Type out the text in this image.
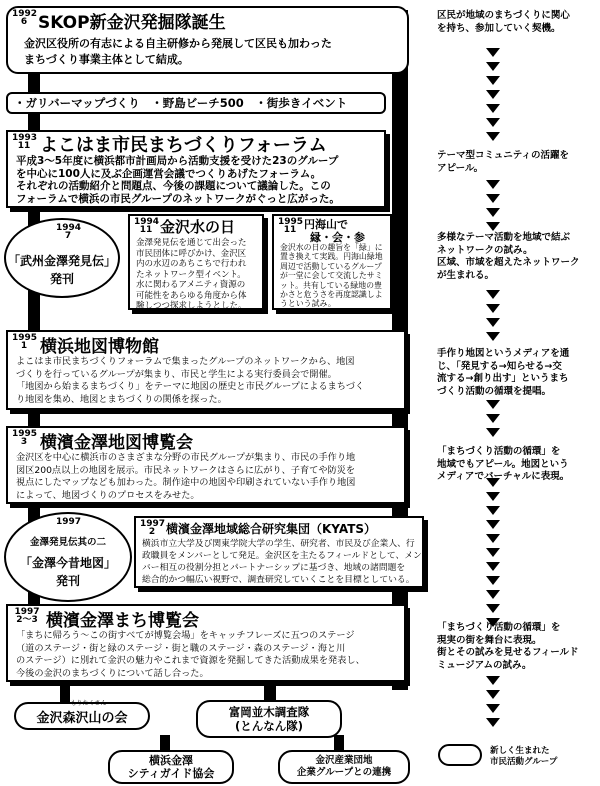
1992
6 SKOP新金沢発掘隊誕生
金沢区役所の有志による自主研修から発展して区民も加わった
まちづくり事業主体として結成。
・ガリバーマップづくり　・野島ビーチ500　・街歩きイベント
1993
11 よこはま市民まちづくりフォーラム
平成3～5年度に横浜都市計画局から活動支援を受けた23のグループ
を中心に100人に及ぶ企画運営会議でつくりあげたフォーラム。
それぞれの活動紹介と問題点、今後の課題について議論した。この
フォーラムで横浜の市民グループのネットワークがぐっと広がった。
1994
7
「武州金澤発見伝」
発刊
1994
11 金沢水の日
金澤発見伝を通じて出会った
市民団体に呼びかけ、金沢区
内の水辺のあちこちで行われ
たネットワーク型イベント。
水に関わるアメニティ資源の
可能性をあらゆる角度から体
験しつつ探求しようとした。
1995
11 円海山で
縁・会・参
金沢水の日の趣旨を「緑」に
置き換えて実践。円海山緑地
周辺で活動しているグループ
が一堂に会して交流したサミ
ット。共有している緑地の豊
かさと危うさを再度認識しよ
うという試み。
1995
1 横浜地図博物館
よこはま市民まちづくりフォーラムで集まったグループのネットワークから、地図
づくりを行っているグループが集まり、市民と学生による実行委員会で開催。
「地図から始まるまちづくり」をテーマに地図の歴史と市民グループによるまちづく
り地図を集め、地図とまちづくりの関係を探った。
1995
3 横濱金澤地図博覧会
金沢区を中心に横浜市のさまざまな分野の市民グループが集まり、市民の手作り地
図区200点以上の地図を展示。市民ネットワークはさらに広がり、子育てや防災を
視点にしたマップなども加わった。制作途中の地図や印刷されていない手作り地図
によって、地図づくりのプロセスをみせた。
1997
金澤発見伝其の二
「金澤今昔地図」
発刊
1997
2 横濱金澤地域総合研究集団（KYATS）
横浜市立大学及び関東学院大学の学生、研究者、市民及び企業人、行
政職員をメンバーとして発足。金沢区を主たるフィールドとして、メン
バー相互の役割分担とパートナーシップに基づき、地域の諸問題を
総合的かつ幅広い視野で、調査研究していくことを目標としている。
1997
2～3 横濱金澤まち博覧会
「まちに帰ろう～この街すべてが博覧会場」をキャッチフレーズに五つのステージ
（道のステージ・街と緑のステージ・街と職のステージ・森のステージ・海と川
のステージ）に別れて金沢の魅力やこれまで資源を発掘してきた活動成果を発表し、
今後の金沢のまちづくりについて話し合った。
もりたくさん
金沢森沢山の会	富岡並木調査隊
(とんなん隊)
横浜金澤
シティガイド協会
金沢産業団地
企業グループとの連携
新しく生まれた
市民活動グループ
区民が地域のまちづくりに関心
を持ち、参加していく契機。
テーマ型コミュニティの活躍を
アピール。
多様なテーマ活動を地域で結ぶ
ネットワークの試み。
区域、市域を超えたネットワーク
が生まれる。
手作り地図というメディアを通
じ、「発見する→知らせる→交
流する→創り出す」というまち
づくり活動の循環を提唱。
「まちづくり活動の循環」を
地域でもアピール。地図という
メディアでバーチャルに表現。
「まちづくり活動の循環」を
現実の街を舞台に表現。
街とその試みを見せるフィールド
ミュージアムの試み。
